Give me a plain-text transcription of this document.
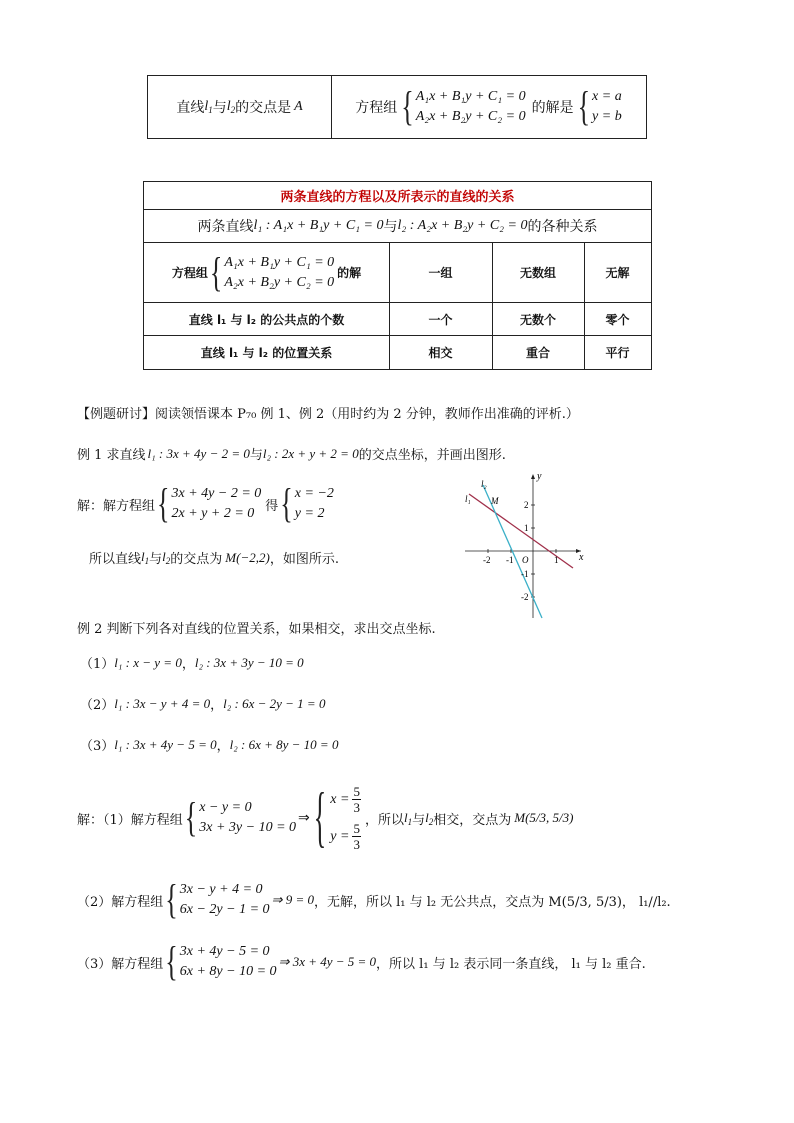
直线 $l_1$ 与 $l_2$ 的交点是 A	方程组 { A₁x + B₁y + C₁ = 0
A₂x + B₂y + C₂ = 0
的解是 { x = a
y = b
两条直线的方程以及所表示的直线的关系
两条直线 l₁ : A₁x + B₁y + C₁ = 0 与 l₂ : A₂x + B₂y + C₂ = 0 的各种关系
方程组 { A₁x + B₁y + C₁ = 0
A₂x + B₂y + C₂ = 0
的解	一组	无数组	无解
直线 l₁ 与 l₂ 的公共点的个数	一个	无数个	零个
直线 l₁ 与 l₂ 的位置关系	相交	重合	平行
【例题研讨】 阅读领悟课本 P₇₀ 例 1、例 2（用时约为 2 分钟，教师作出准确的评析.）
例 1 求直线 l₁ : 3x + 4y − 2 = 0 与 l₂ : 2x + y + 2 = 0 的交点坐标，并画出图形.
解：解方程组 { 3x + 4y − 2 = 0
2x + y + 2 = 0 得 { x = −2
y = 2
所以直线 $l_1$ 与 $l_2$ 的交点为 M(−2,2) ，如图所示.	x
y
O
l₁
l₂
M
-2 -1	1
2
1
-1
-2
例 2 判断下列各对直线的位置关系，如果相交，求出交点坐标.
（1） l₁ : x − y = 0 ， l₂ : 3x + 3y − 10 = 0
（2） l₁ : 3x − y + 4 = 0 ， l₂ : 6x − 2y − 1 = 0
（3） l₁ : 3x + 4y − 5 = 0 ， l₂ : 6x + 8y − 10 = 0
解：（1）解方程组 { x − y = 0
3x + 3y − 10 = 0
⇒ { $x = \frac{5}{3}$
$y = \frac{5}{3}$
，所以 $l_1$ 与 $l_2$ 相交，交点为 M(5/3, 5/3)
（2）解方程组 { 3x − y + 4 = 0
6x − 2y − 1 = 0
⇒ 9 = 0 ，无解，所以 l₁ 与 l₂ 无公共点，交点为 M(5/3, 5/3)， l₁//l₂.
（3）解方程组 { 3x + 4y − 5 = 0
6x + 8y − 10 = 0
⇒ 3x + 4y − 5 = 0 ，所以 l₁ 与 l₂ 表示同一条直线， l₁ 与 l₂ 重合.
